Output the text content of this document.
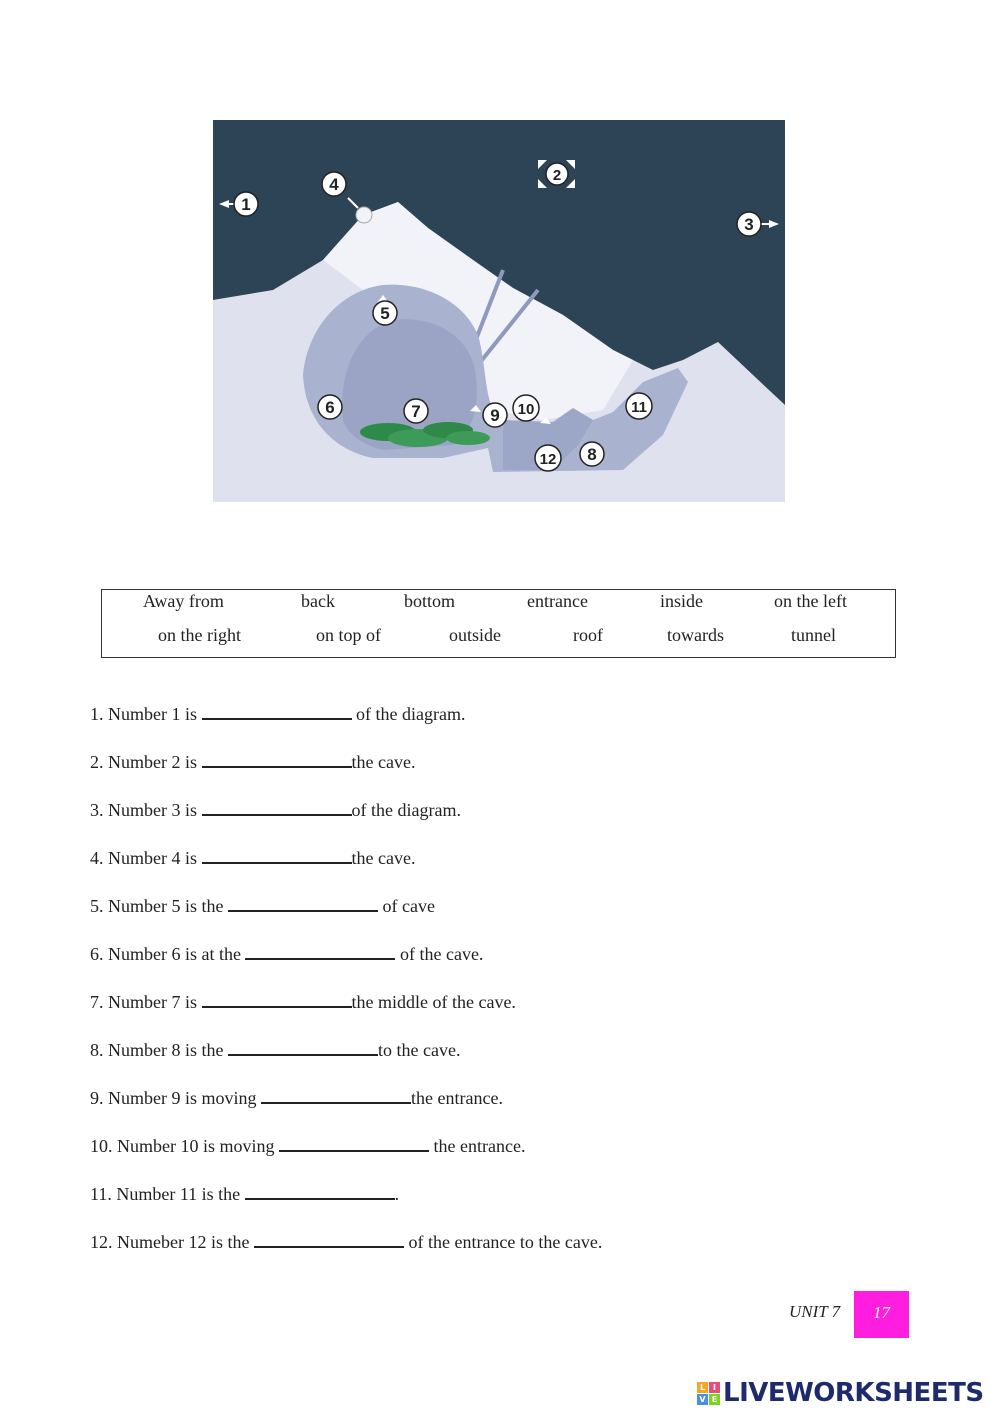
1
2
3
4
5
6	7
8
9 10	11
12
Away from	back	bottom	entrance	inside	on the left
on the right	on top of	outside	roof	towards	tunnel
1. Number 1 is	of the diagram.
2. Number 2 is	the cave.
3. Number 3 is	of the diagram.
4. Number 4 is	the cave.
5. Number 5 is the	of cave
6. Number 6 is at the	of the cave.
7. Number 7 is	the middle of the cave.
8. Number 8 is the	to the cave.
9. Number 9 is moving	the entrance.
10. Number 10 is moving	the entrance.
11. Number 11 is the	.
12. Numeber 12 is the	of the entrance to the cave.
UNIT 7	17
L I
V E LIVEWORKSHEETS
